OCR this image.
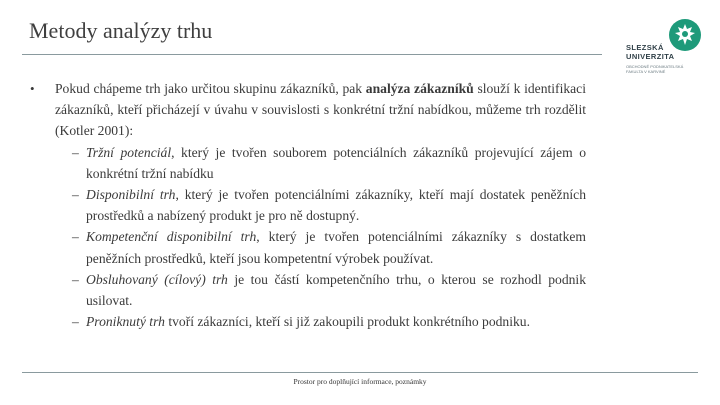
Metody analýzy trhu
SLEZSKÁ
UNIVERZITA
OBCHODNĚ PODNIKATELSKÁ
FAKULTA V KARVINÉ
• Pokud chápeme trh jako určitou skupinu zákazníků, pak analýza zákazníků slouží k identifikaci zákazníků, kteří přicházejí v úvahu v souvislosti s konkrétní tržní nabídkou, můžeme trh rozdělit (Kotler 2001):
– Tržní potenciál, který je tvořen souborem potenciálních zákazníků projevující zájem o konkrétní tržní nabídku
– Disponibilní trh, který je tvořen potenciálními zákazníky, kteří mají dostatek peněžních prostředků a nabízený produkt je pro ně dostupný.
– Kompetenční disponibilní trh, který je tvořen potenciálními zákazníky s dostatkem peněžních prostředků, kteří jsou kompetentní výrobek používat.
– Obsluhovaný (cílový) trh je tou částí kompetenčního trhu, o kterou se rozhodl podnik usilovat.
– Proniknutý trh tvoří zákazníci, kteří si již zakoupili produkt konkrétního podniku.
Prostor pro doplňující informace, poznámky
